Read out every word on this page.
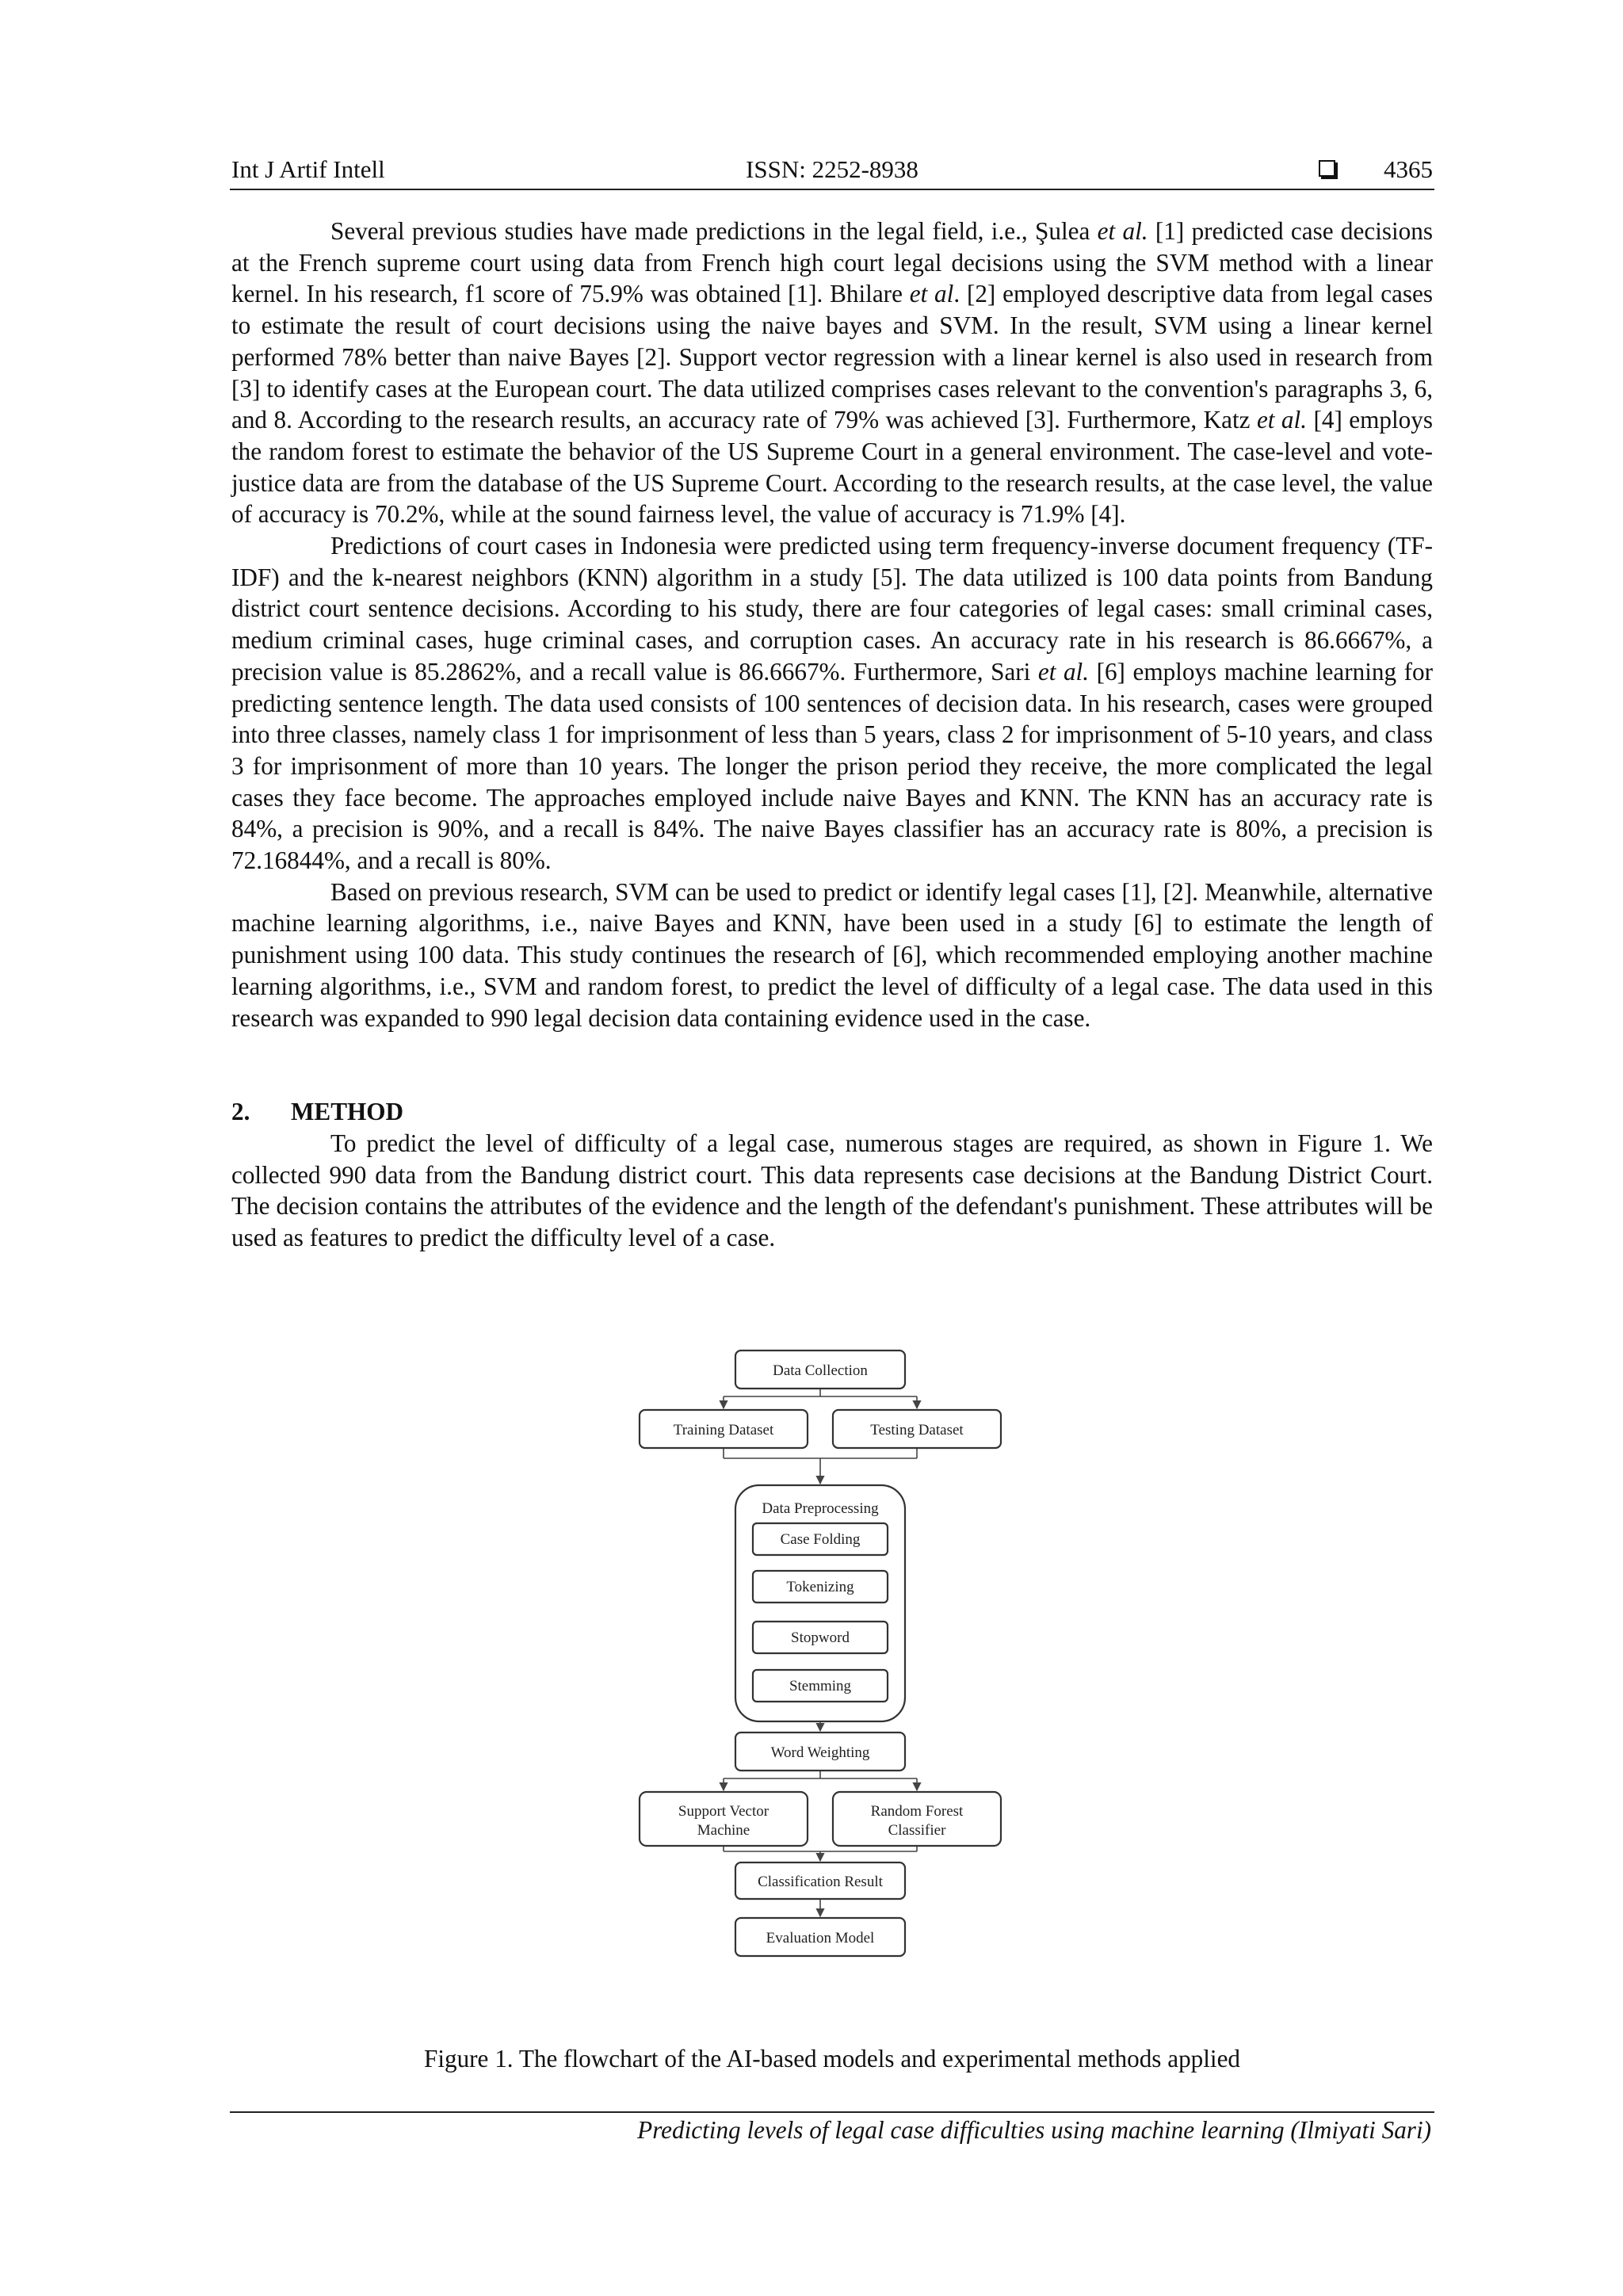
Int J Artif Intell	ISSN: 2252-8938	4365

Several previous studies have made predictions in the legal field, i.e., Şulea et al. [1] predicted case decisions at the French supreme court using data from French high court legal decisions using the SVM method with a linear kernel. In his research, f1 score of 75.9% was obtained [1]. Bhilare et al. [2] employed descriptive data from legal cases to estimate the result of court decisions using the naive bayes and SVM. In the result, SVM using a linear kernel performed 78% better than naive Bayes [2]. Support vector regression with a linear kernel is also used in research from [3] to identify cases at the European court. The data utilized comprises cases relevant to the convention's paragraphs 3, 6, and 8. According to the research results, an accuracy rate of 79% was achieved [3]. Furthermore, Katz et al. [4] employs the random forest to estimate the behavior of the US Supreme Court in a general environment. The case-level and vote-justice data are from the database of the US Supreme Court. According to the research results, at the case level, the value of accuracy is 70.2%, while at the sound fairness level, the value of accuracy is 71.9% [4].

Predictions of court cases in Indonesia were predicted using term frequency-inverse document frequency (TF-IDF) and the k-nearest neighbors (KNN) algorithm in a study [5]. The data utilized is 100 data points from Bandung district court sentence decisions. According to his study, there are four categories of legal cases: small criminal cases, medium criminal cases, huge criminal cases, and corruption cases. An accuracy rate in his research is 86.6667%, a precision value is 85.2862%, and a recall value is 86.6667%. Furthermore, Sari et al. [6] employs machine learning for predicting sentence length. The data used consists of 100 sentences of decision data. In his research, cases were grouped into three classes, namely class 1 for imprisonment of less than 5 years, class 2 for imprisonment of 5-10 years, and class 3 for imprisonment of more than 10 years. The longer the prison period they receive, the more complicated the legal cases they face become. The approaches employed include naive Bayes and KNN. The KNN has an accuracy rate is 84%, a precision is 90%, and a recall is 84%. The naive Bayes classifier has an accuracy rate is 80%, a precision is 72.16844%, and a recall is 80%.

Based on previous research, SVM can be used to predict or identify legal cases [1], [2]. Meanwhile, alternative machine learning algorithms, i.e., naive Bayes and KNN, have been used in a study [6] to estimate the length of punishment using 100 data. This study continues the research of [6], which recommended employing another machine learning algorithms, i.e., SVM and random forest, to predict the level of difficulty of a legal case. The data used in this research was expanded to 990 legal decision data containing evidence used in the case.

2. METHOD

To predict the level of difficulty of a legal case, numerous stages are required, as shown in Figure 1. We collected 990 data from the Bandung district court. This data represents case decisions at the Bandung District Court. The decision contains the attributes of the evidence and the length of the defendant's punishment. These attributes will be used as features to predict the difficulty level of a case.

Data Collection
Training Dataset	Testing Dataset
Data Preprocessing
Case Folding
Tokenizing
Stopword
Stemming
Word Weighting
Support Vector
Machine
Random Forest
Classifier
Classification Result
Evaluation Model
Figure 1. The flowchart of the AI-based models and experimental methods applied
Predicting levels of legal case difficulties using machine learning (Ilmiyati Sari)
